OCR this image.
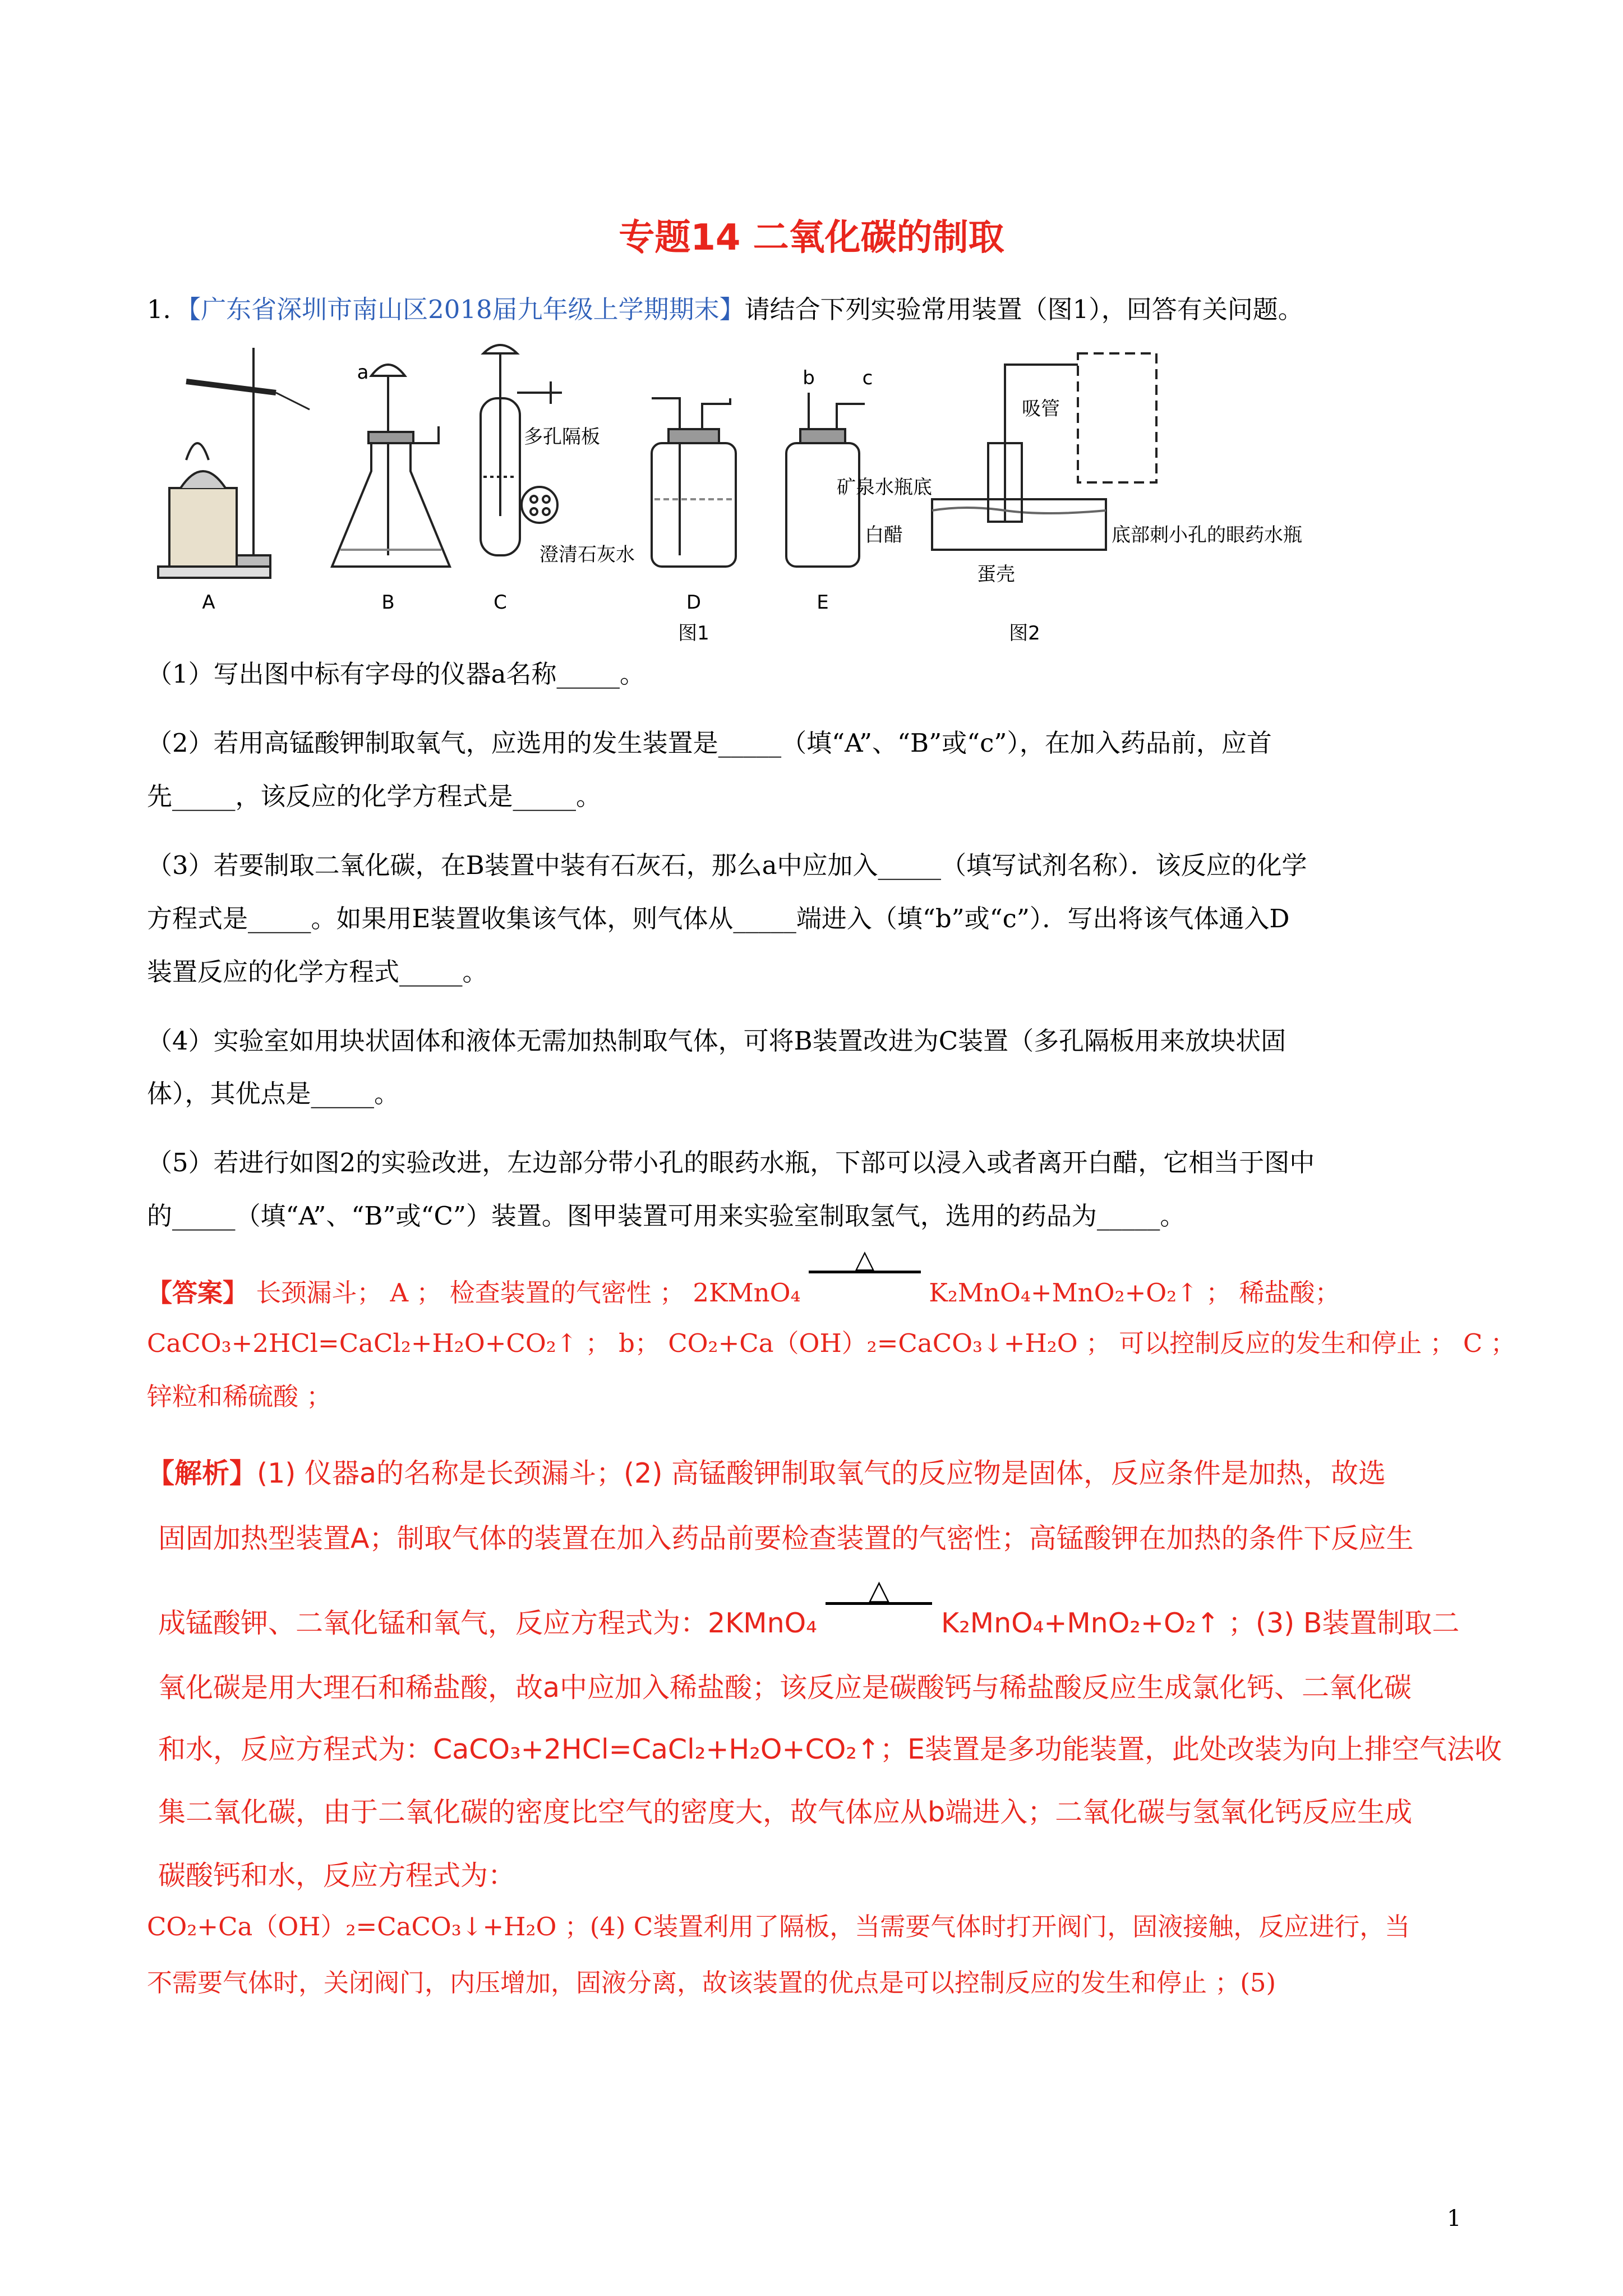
专题14 二氧化碳的制取
1．【广东省深圳市南山区2018届九年级上学期期末】请结合下列实验常用装置（图1），回答有关问题。
A	B	C	D	E
a	b c
多孔隔板
澄清石灰水
吸管
矿泉水瓶底
白醋	底部刺小孔的眼药水瓶
蛋壳
图1	图2
（1）写出图中标有字母的仪器a名称_____。
（2）若用高锰酸钾制取氧气，应选用的发生装置是_____（填“A”、“B”或“c”），在加入药品前，应首
先_____，该反应的化学方程式是_____。
（3）若要制取二氧化碳，在B装置中装有石灰石，那么a中应加入_____（填写试剂名称）．该反应的化学
方程式是_____。如果用E装置收集该气体，则气体从_____端进入（填“b”或“c”）．写出将该气体通入D
装置反应的化学方程式_____。
（4）实验室如用块状固体和液体无需加热制取气体，可将B装置改进为C装置（多孔隔板用来放块状固
体），其优点是_____。
（5）若进行如图2的实验改进，左边部分带小孔的眼药水瓶，下部可以浸入或者离开白醋，它相当于图中
的_____（填“A”、“B”或“C”）装置。图甲装置可用来实验室制取氢气，选用的药品为_____。
【答案】 长颈漏斗； A ； 检查装置的气密性 ； 2KMnO₄
△
K₂MnO₄+MnO₂+O₂↑ ； 稀盐酸；
CaCO₃+2HCl=CaCl₂+H₂O+CO₂↑ ； b； CO₂+Ca（OH）₂=CaCO₃↓+H₂O ； 可以控制反应的发生和停止 ； C ；
锌粒和稀硫酸 ；
【解析】(1) 仪器a的名称是长颈漏斗；(2) 高锰酸钾制取氧气的反应物是固体，反应条件是加热，故选
固固加热型装置A；制取气体的装置在加入药品前要检查装置的气密性；高锰酸钾在加热的条件下反应生
成锰酸钾、二氧化锰和氧气，反应方程式为：2KMnO₄
△
K₂MnO₄+MnO₂+O₂↑ ；(3) B装置制取二
氧化碳是用大理石和稀盐酸，故a中应加入稀盐酸；该反应是碳酸钙与稀盐酸反应生成氯化钙、二氧化碳
和水，反应方程式为：CaCO₃+2HCl=CaCl₂+H₂O+CO₂↑；E装置是多功能装置，此处改装为向上排空气法收
集二氧化碳，由于二氧化碳的密度比空气的密度大，故气体应从b端进入；二氧化碳与氢氧化钙反应生成
碳酸钙和水，反应方程式为：
CO₂+Ca（OH）₂=CaCO₃↓+H₂O ；(4) C装置利用了隔板，当需要气体时打开阀门，固液接触，反应进行，当
不需要气体时，关闭阀门，内压增加，固液分离，故该装置的优点是可以控制反应的发生和停止 ；(5)
1
